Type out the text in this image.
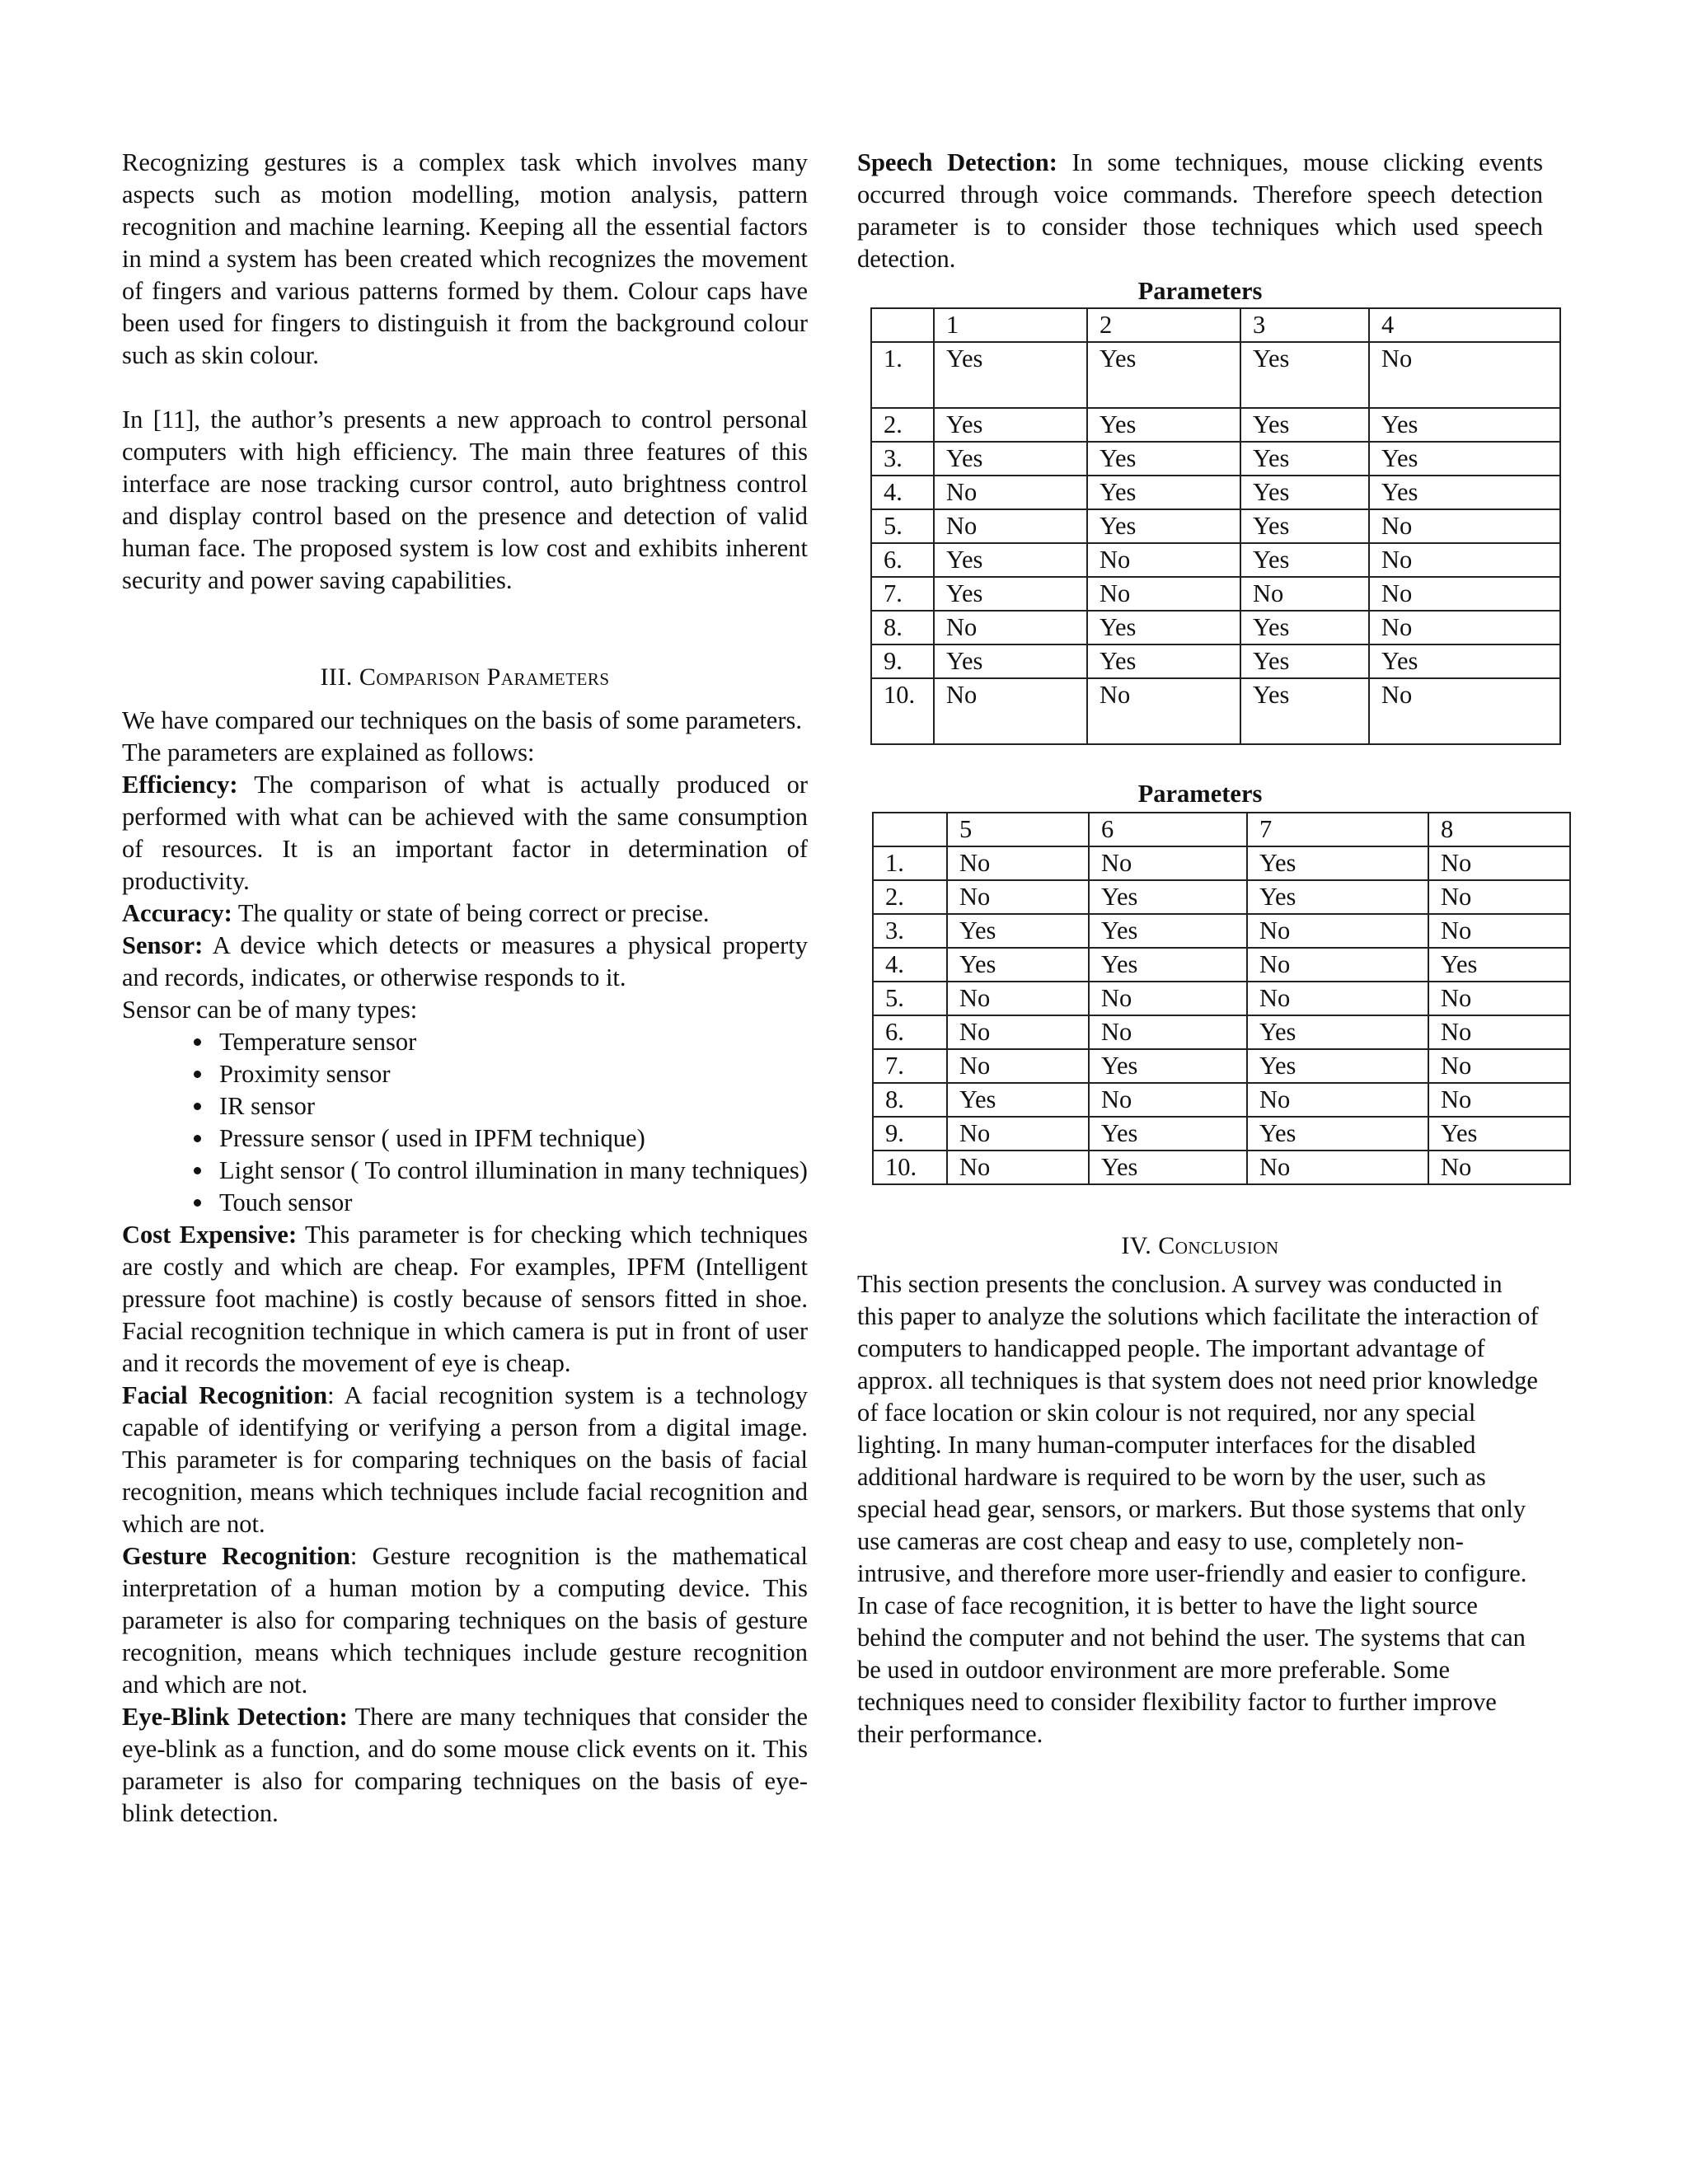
Recognizing gestures is a complex task which involves many aspects such as motion modelling, motion analysis, pattern recognition and machine learning. Keeping all the essential factors in mind a system has been created which recognizes the movement of fingers and various patterns formed by them. Colour caps have been used for fingers to distinguish it from the background colour such as skin colour.

In [11], the author’s presents a new approach to control personal computers with high efficiency. The main three features of this interface are nose tracking cursor control, auto brightness control and display control based on the presence and detection of valid human face. The proposed system is low cost and exhibits inherent security and power saving capabilities.

III. Comparison Parameters

We have compared our techniques on the basis of some parameters.

The parameters are explained as follows:

Efficiency: The comparison of what is actually produced or performed with what can be achieved with the same consumption of resources. It is an important factor in determination of productivity.

Accuracy: The quality or state of being correct or precise.

Sensor: A device which detects or measures a physical property and records, indicates, or otherwise responds to it.

Sensor can be of many types:

• Temperature sensor
• Proximity sensor
• IR sensor
• Pressure sensor ( used in IPFM technique)
• Light sensor ( To control illumination in many techniques)
• Touch sensor

Cost Expensive: This parameter is for checking which techniques are costly and which are cheap. For examples, IPFM (Intelligent pressure foot machine) is costly because of sensors fitted in shoe. Facial recognition technique in which camera is put in front of user and it records the movement of eye is cheap.

Facial Recognition: A facial recognition system is a technology capable of identifying or verifying a person from a digital image. This parameter is for comparing techniques on the basis of facial recognition, means which techniques include facial recognition and which are not.

Gesture Recognition: Gesture recognition is the mathematical interpretation of a human motion by a computing device. This parameter is also for comparing techniques on the basis of gesture recognition, means which techniques include gesture recognition and which are not.

Eye-Blink Detection: There are many techniques that consider the eye-blink as a function, and do some mouse click events on it. This parameter is also for comparing techniques on the basis of eye-blink detection.

Speech Detection: In some techniques, mouse clicking events occurred through voice commands. Therefore speech detection parameter is to consider those techniques which used speech detection.

Parameters

	1	2	3	4
1.	Yes	Yes	Yes	No
2.	Yes	Yes	Yes	Yes
3.	Yes	Yes	Yes	Yes
4.	No	Yes	Yes	Yes
5.	No	Yes	Yes	No
6.	Yes	No	Yes	No
7.	Yes	No	No	No
8.	No	Yes	Yes	No
9.	Yes	Yes	Yes	Yes
10.	No	No	Yes	No

Parameters

	5	6	7	8
1.	No	No	Yes	No
2.	No	Yes	Yes	No
3.	Yes	Yes	No	No
4.	Yes	Yes	No	Yes
5.	No	No	No	No
6.	No	No	Yes	No
7.	No	Yes	Yes	No
8.	Yes	No	No	No
9.	No	Yes	Yes	Yes
10.	No	Yes	No	No

IV. Conclusion

This section presents the conclusion. A survey was conducted in this paper to analyze the solutions which facilitate the interaction of computers to handicapped people. The important advantage of approx. all techniques is that system does not need prior knowledge of face location or skin colour is not required, nor any special lighting. In many human-computer interfaces for the disabled additional hardware is required to be worn by the user, such as special head gear, sensors, or markers. But those systems that only use cameras are cost cheap and easy to use, completely non-intrusive, and therefore more user-friendly and easier to configure. In case of face recognition, it is better to have the light source behind the computer and not behind the user. The systems that can be used in outdoor environment are more preferable. Some techniques need to consider flexibility factor to further improve their performance.
